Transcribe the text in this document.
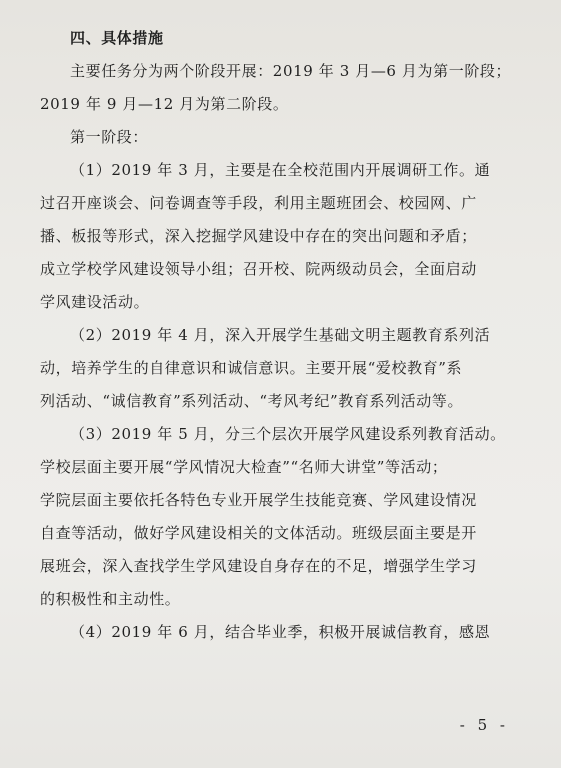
四、具体措施
主要任务分为两个阶段开展：2019 年 3 月—6 月为第一阶段；
2019 年 9 月—12 月为第二阶段。
第一阶段：
（1）2019 年 3 月，主要是在全校范围内开展调研工作。通
过召开座谈会、问卷调查等手段，利用主题班团会、校园网、广
播、板报等形式，深入挖掘学风建设中存在的突出问题和矛盾；
成立学校学风建设领导小组；召开校、院两级动员会，全面启动
学风建设活动。
（2）2019 年 4 月，深入开展学生基础文明主题教育系列活
动，培养学生的自律意识和诚信意识。主要开展“爱校教育”系
列活动、“诚信教育”系列活动、“考风考纪”教育系列活动等。
（3）2019 年 5 月，分三个层次开展学风建设系列教育活动。
学校层面主要开展“学风情况大检查”“名师大讲堂”等活动；
学院层面主要依托各特色专业开展学生技能竞赛、学风建设情况
自查等活动，做好学风建设相关的文体活动。班级层面主要是开
展班会，深入查找学生学风建设自身存在的不足，增强学生学习
的积极性和主动性。
（4）2019 年 6 月，结合毕业季，积极开展诚信教育，感恩
- 5 -
